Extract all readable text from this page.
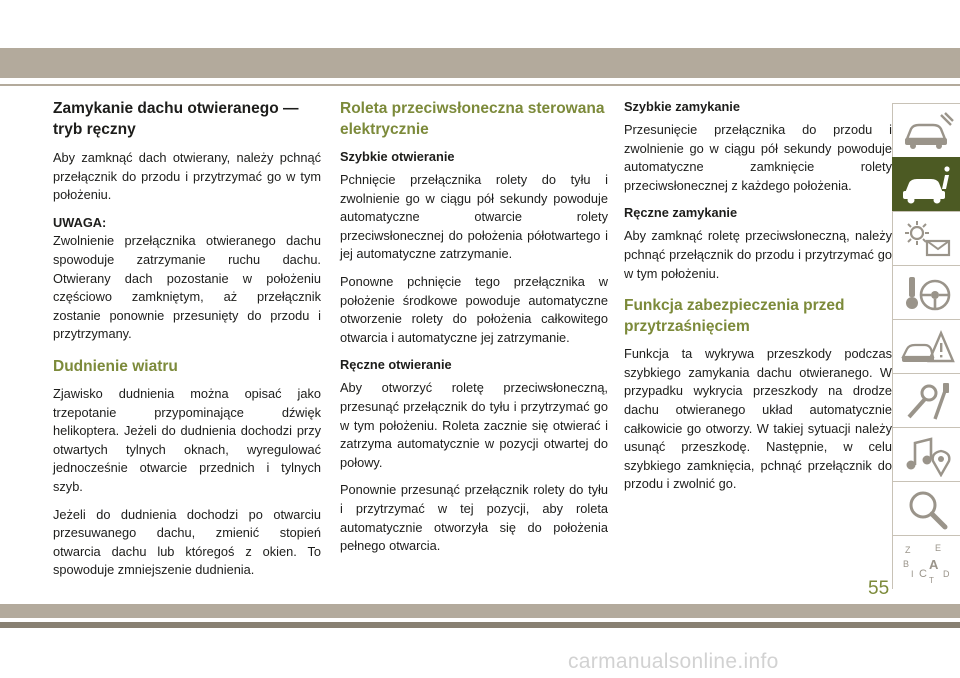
Zamykanie dachu otwieranego — tryb ręczny

Aby zamknąć dach otwierany, należy pchnąć przełącznik do przodu i przytrzymać go w tym położeniu.

UWAGA:

Zwolnienie przełącznika otwieranego dachu spowoduje zatrzymanie ruchu dachu. Otwierany dach pozostanie w położeniu częściowo zamkniętym, aż przełącznik zostanie ponownie przesunięty do przodu i przytrzymany.

Dudnienie wiatru

Zjawisko dudnienia można opisać jako trzepotanie przypominające dźwięk helikoptera. Jeżeli do dudnienia dochodzi przy otwartych tylnych oknach, wyregulować jednocześnie otwarcie przednich i tylnych szyb.

Jeżeli do dudnienia dochodzi po otwarciu przesuwanego dachu, zmienić stopień otwarcia dachu lub któregoś z okien. To spowoduje zmniejszenie dudnienia.

Roleta przeciwsłoneczna sterowana elektrycznie
Szybkie otwieranie

Pchnięcie przełącznika rolety do tyłu i zwolnienie go w ciągu pół sekundy powoduje automatyczne otwarcie rolety przeciwsłonecznej do położenia półotwartego i jej automatyczne zatrzymanie.

Ponowne pchnięcie tego przełącznika w położenie środkowe powoduje automatyczne otworzenie rolety do położenia całkowitego otwarcia i automatyczne jej zatrzymanie.

Ręczne otwieranie

Aby otworzyć roletę przeciwsłoneczną, przesunąć przełącznik do tyłu i przytrzymać go w tym położeniu. Roleta zacznie się otwierać i zatrzyma automatycznie w pozycji otwartej do połowy.

Ponownie przesunąć przełącznik rolety do tyłu i przytrzymać w tej pozycji, aby roleta automatycznie otworzyła się do położenia pełnego otwarcia.

Szybkie zamykanie

Przesunięcie przełącznika do przodu i zwolnienie go w ciągu pół sekundy powoduje automatyczne zamknięcie rolety przeciwsłonecznej z każdego położenia.

Ręczne zamykanie

Aby zamknąć roletę przeciwsłoneczną, należy pchnąć przełącznik do przodu i przytrzymać go w tym położeniu.

Funkcja zabezpieczenia przed przytrzaśnięciem

Funkcja ta wykrywa przeszkody podczas szybkiego zamykania dachu otwieranego. W przypadku wykrycia przeszkody na drodze dachu otwieranego układ automatycznie całkowicie go otworzy. W takiej sytuacji należy usunąć przeszkodę. Następnie, w celu szybkiego zamknięcia, pchnąć przełącznik do przodu i zwolnić go.

Z	E
B A
I C D
T
55
carmanualsonline.info
